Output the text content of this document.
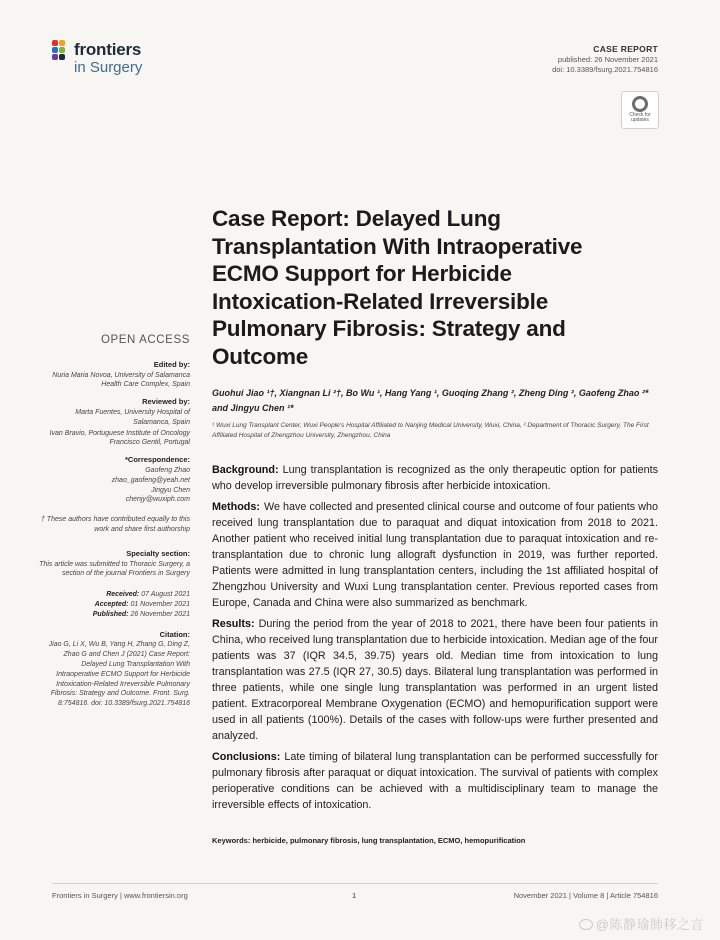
frontiers
in Surgery
CASE REPORT
published: 26 November 2021
doi: 10.3389/fsurg.2021.754816
Check for updates
Case Report: Delayed Lung Transplantation With Intraoperative ECMO Support for Herbicide Intoxication-Related Irreversible Pulmonary Fibrosis: Strategy and Outcome
Guohui Jiao ¹†, Xiangnan Li ²†, Bo Wu ¹, Hang Yang ¹, Guoqing Zhang ², Zheng Ding ², Gaofeng Zhao ²* and Jingyu Chen ¹*
¹ Wuxi Lung Transplant Center, Wuxi People's Hospital Affiliated to Nanjing Medical University, Wuxi, China, ² Department of Thoracic Surgery, The First Affiliated Hospital of Zhengzhou University, Zhengzhou, China
Background: Lung transplantation is recognized as the only therapeutic option for patients who develop irreversible pulmonary fibrosis after herbicide intoxication.
Methods: We have collected and presented clinical course and outcome of four patients who received lung transplantation due to paraquat and diquat intoxication from 2018 to 2021. Another patient who received initial lung transplantation due to paraquat intoxication and re-transplantation due to chronic lung allograft dysfunction in 2019, was further reported. Patients were admitted in lung transplantation centers, including the 1st affiliated hospital of Zhengzhou University and Wuxi Lung transplantation center. Previous reported cases from Europe, Canada and China were also summarized as benchmark.
Results: During the period from the year of 2018 to 2021, there have been four patients in China, who received lung transplantation due to herbicide intoxication. Median age of the four patients was 37 (IQR 34.5, 39.75) years old. Median time from intoxication to lung transplantation was 27.5 (IQR 27, 30.5) days. Bilateral lung transplantation was performed in three patients, while one single lung transplantation was performed in an urgent listed patient. Extracorporeal Membrane Oxygenation (ECMO) and hemopurification support were used in all patients (100%). Details of the cases with follow-ups were further presented and analyzed.
Conclusions: Late timing of bilateral lung transplantation can be performed successfully for pulmonary fibrosis after paraquat or diquat intoxication. The survival of patients with complex perioperative conditions can be achieved with a multidisciplinary team to manage the irreversible effects of intoxication.
Keywords: herbicide, pulmonary fibrosis, lung transplantation, ECMO, hemopurification
OPEN ACCESS
Edited by:
Nuria Maria Novoa, University of Salamanca Health Care Complex, Spain
Reviewed by:
Marta Fuentes, University Hospital of Salamanca, Spain
Ivan Bravio, Portuguese Institute of Oncology Francisco Gentil, Portugal
*Correspondence:
Gaofeng Zhao
zhao_gaofeng@yeah.net
Jingyu Chen
chenjy@wuxiph.com
† These authors have contributed equally to this work and share first authorship
Specialty section:
This article was submitted to Thoracic Surgery, a section of the journal Frontiers in Surgery
Received: 07 August 2021
Accepted: 01 November 2021
Published: 26 November 2021
Citation:
Jiao G, Li X, Wu B, Yang H, Zhang G, Ding Z, Zhao G and Chen J (2021) Case Report: Delayed Lung Transplantation With Intraoperative ECMO Support for Herbicide Intoxication-Related Irreversible Pulmonary Fibrosis: Strategy and Outcome. Front. Surg. 8:754816. doi: 10.3389/fsurg.2021.754816
Frontiers in Surgery | www.frontiersin.org	1	November 2021 | Volume 8 | Article 754816
@陈静瑜肺移之言
